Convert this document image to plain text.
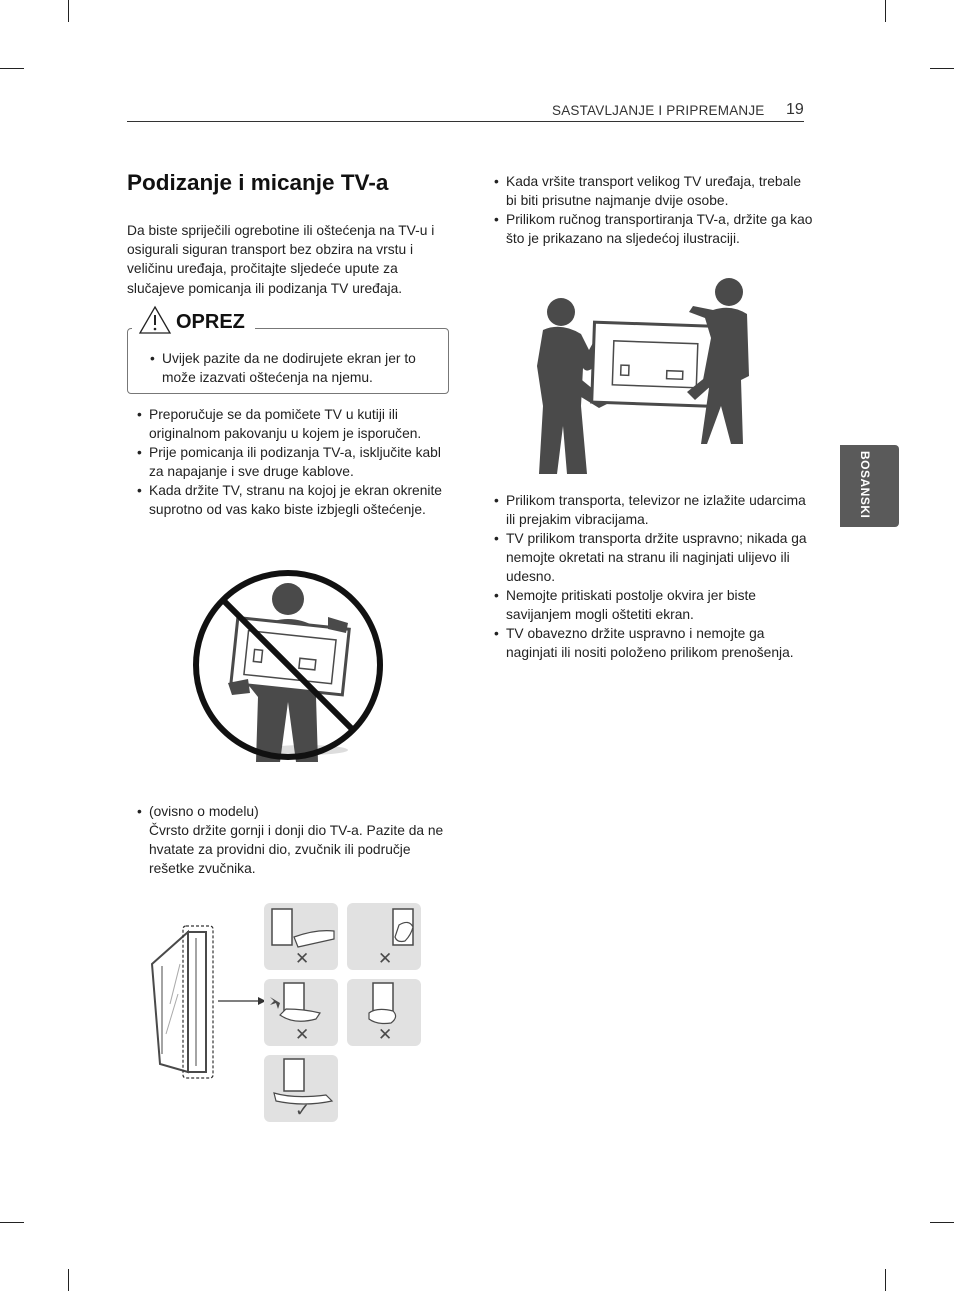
SASTAVLJANJE I PRIPREMANJE 19
BOSANSKI
Podizanje i micanje TV-a
Da biste spriječili ogrebotine ili oštećenja na TV-u i osigurali siguran transport bez obzira na vrstu i veličinu uređaja, pročitajte sljedeće upute za slučajeve pomicanja ili podizanja TV uređaja.
• Uvijek pazite da ne dodirujete ekran jer to može izazvati oštećenja na njemu.
OPREZ
• Preporučuje se da pomičete TV u kutiji ili originalnom pakovanju u kojem je isporučen.
• Prije pomicanja ili podizanja TV-a, isključite kabl za napajanje i sve druge kablove.
• Kada držite TV, stranu na kojoj je ekran okrenite suprotno od vas kako biste izbjegli oštećenje.
• (ovisno o modelu)
Čvrsto držite gornji i donji dio TV-a. Pazite da ne hvatate za providni dio, zvučnik ili područje rešetke zvučnika.
✕	✕
✕	✕
✓
• Kada vršite transport velikog TV uređaja, trebale bi biti prisutne najmanje dvije osobe.
• Prilikom ručnog transportiranja TV-a, držite ga kao što je prikazano na sljedećoj ilustraciji.
• Prilikom transporta, televizor ne izlažite udarcima ili prejakim vibracijama.
• TV prilikom transporta držite uspravno; nikada ga nemojte okretati na stranu ili naginjati ulijevo ili udesno.
• Nemojte pritiskati postolje okvira jer biste savijanjem mogli oštetiti ekran.
• TV obavezno držite uspravno i nemojte ga naginjati ili nositi položeno prilikom prenošenja.
